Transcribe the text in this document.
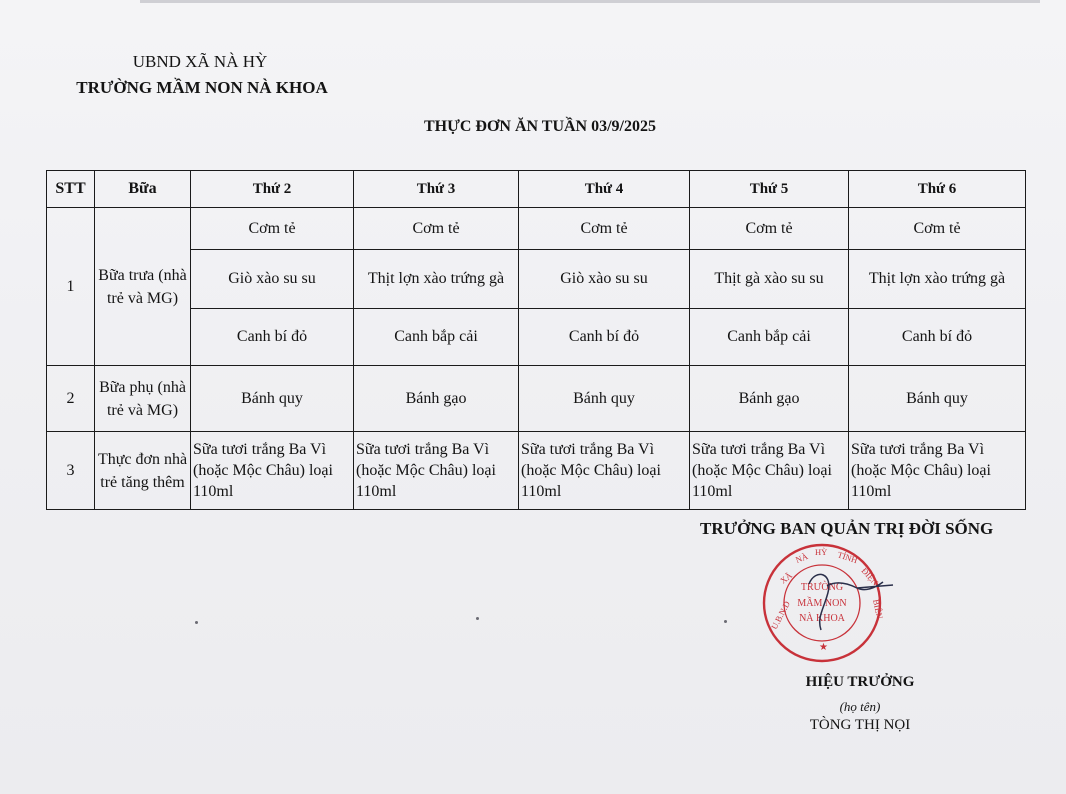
UBND XÃ NÀ HỲ
TRƯỜNG MẦM NON NÀ KHOA
THỰC ĐƠN ĂN TUẦN 03/9/2025
STT	Bữa	Thứ 2	Thứ 3	Thứ 4	Thứ 5	Thứ 6
1	Bữa trưa (nhà trẻ và MG)	Cơm tẻ	Cơm tẻ	Cơm tẻ	Cơm tẻ	Cơm tẻ
		Giò xào su su	Thịt lợn xào trứng gà	Giò xào su su	Thịt gà xào su su	Thịt lợn xào trứng gà
		Canh bí đỏ	Canh bắp cải	Canh bí đỏ	Canh bắp cải	Canh bí đỏ
2	Bữa phụ (nhà trẻ và MG)	Bánh quy	Bánh gạo	Bánh quy	Bánh gạo	Bánh quy
3	Thực đơn nhà trẻ tăng thêm	Sữa tươi trắng Ba Vì (hoặc Mộc Châu) loại 110ml	Sữa tươi trắng Ba Vì (hoặc Mộc Châu) loại 110ml	Sữa tươi trắng Ba Vì (hoặc Mộc Châu) loại 110ml	Sữa tươi trắng Ba Vì (hoặc Mộc Châu) loại 110ml	Sữa tươi trắng Ba Vì (hoặc Mộc Châu) loại 110ml
TRƯỞNG BAN QUẢN TRỊ ĐỜI SỐNG
U.B.N.D
XÃ
NÀ HỲ TỈNH
ĐIỆN
BIÊN
★
TRƯỜNG
MẦM NON
NÀ KHOA
HIỆU TRƯỞNG
(họ tên)
TÒNG THỊ NỌI
